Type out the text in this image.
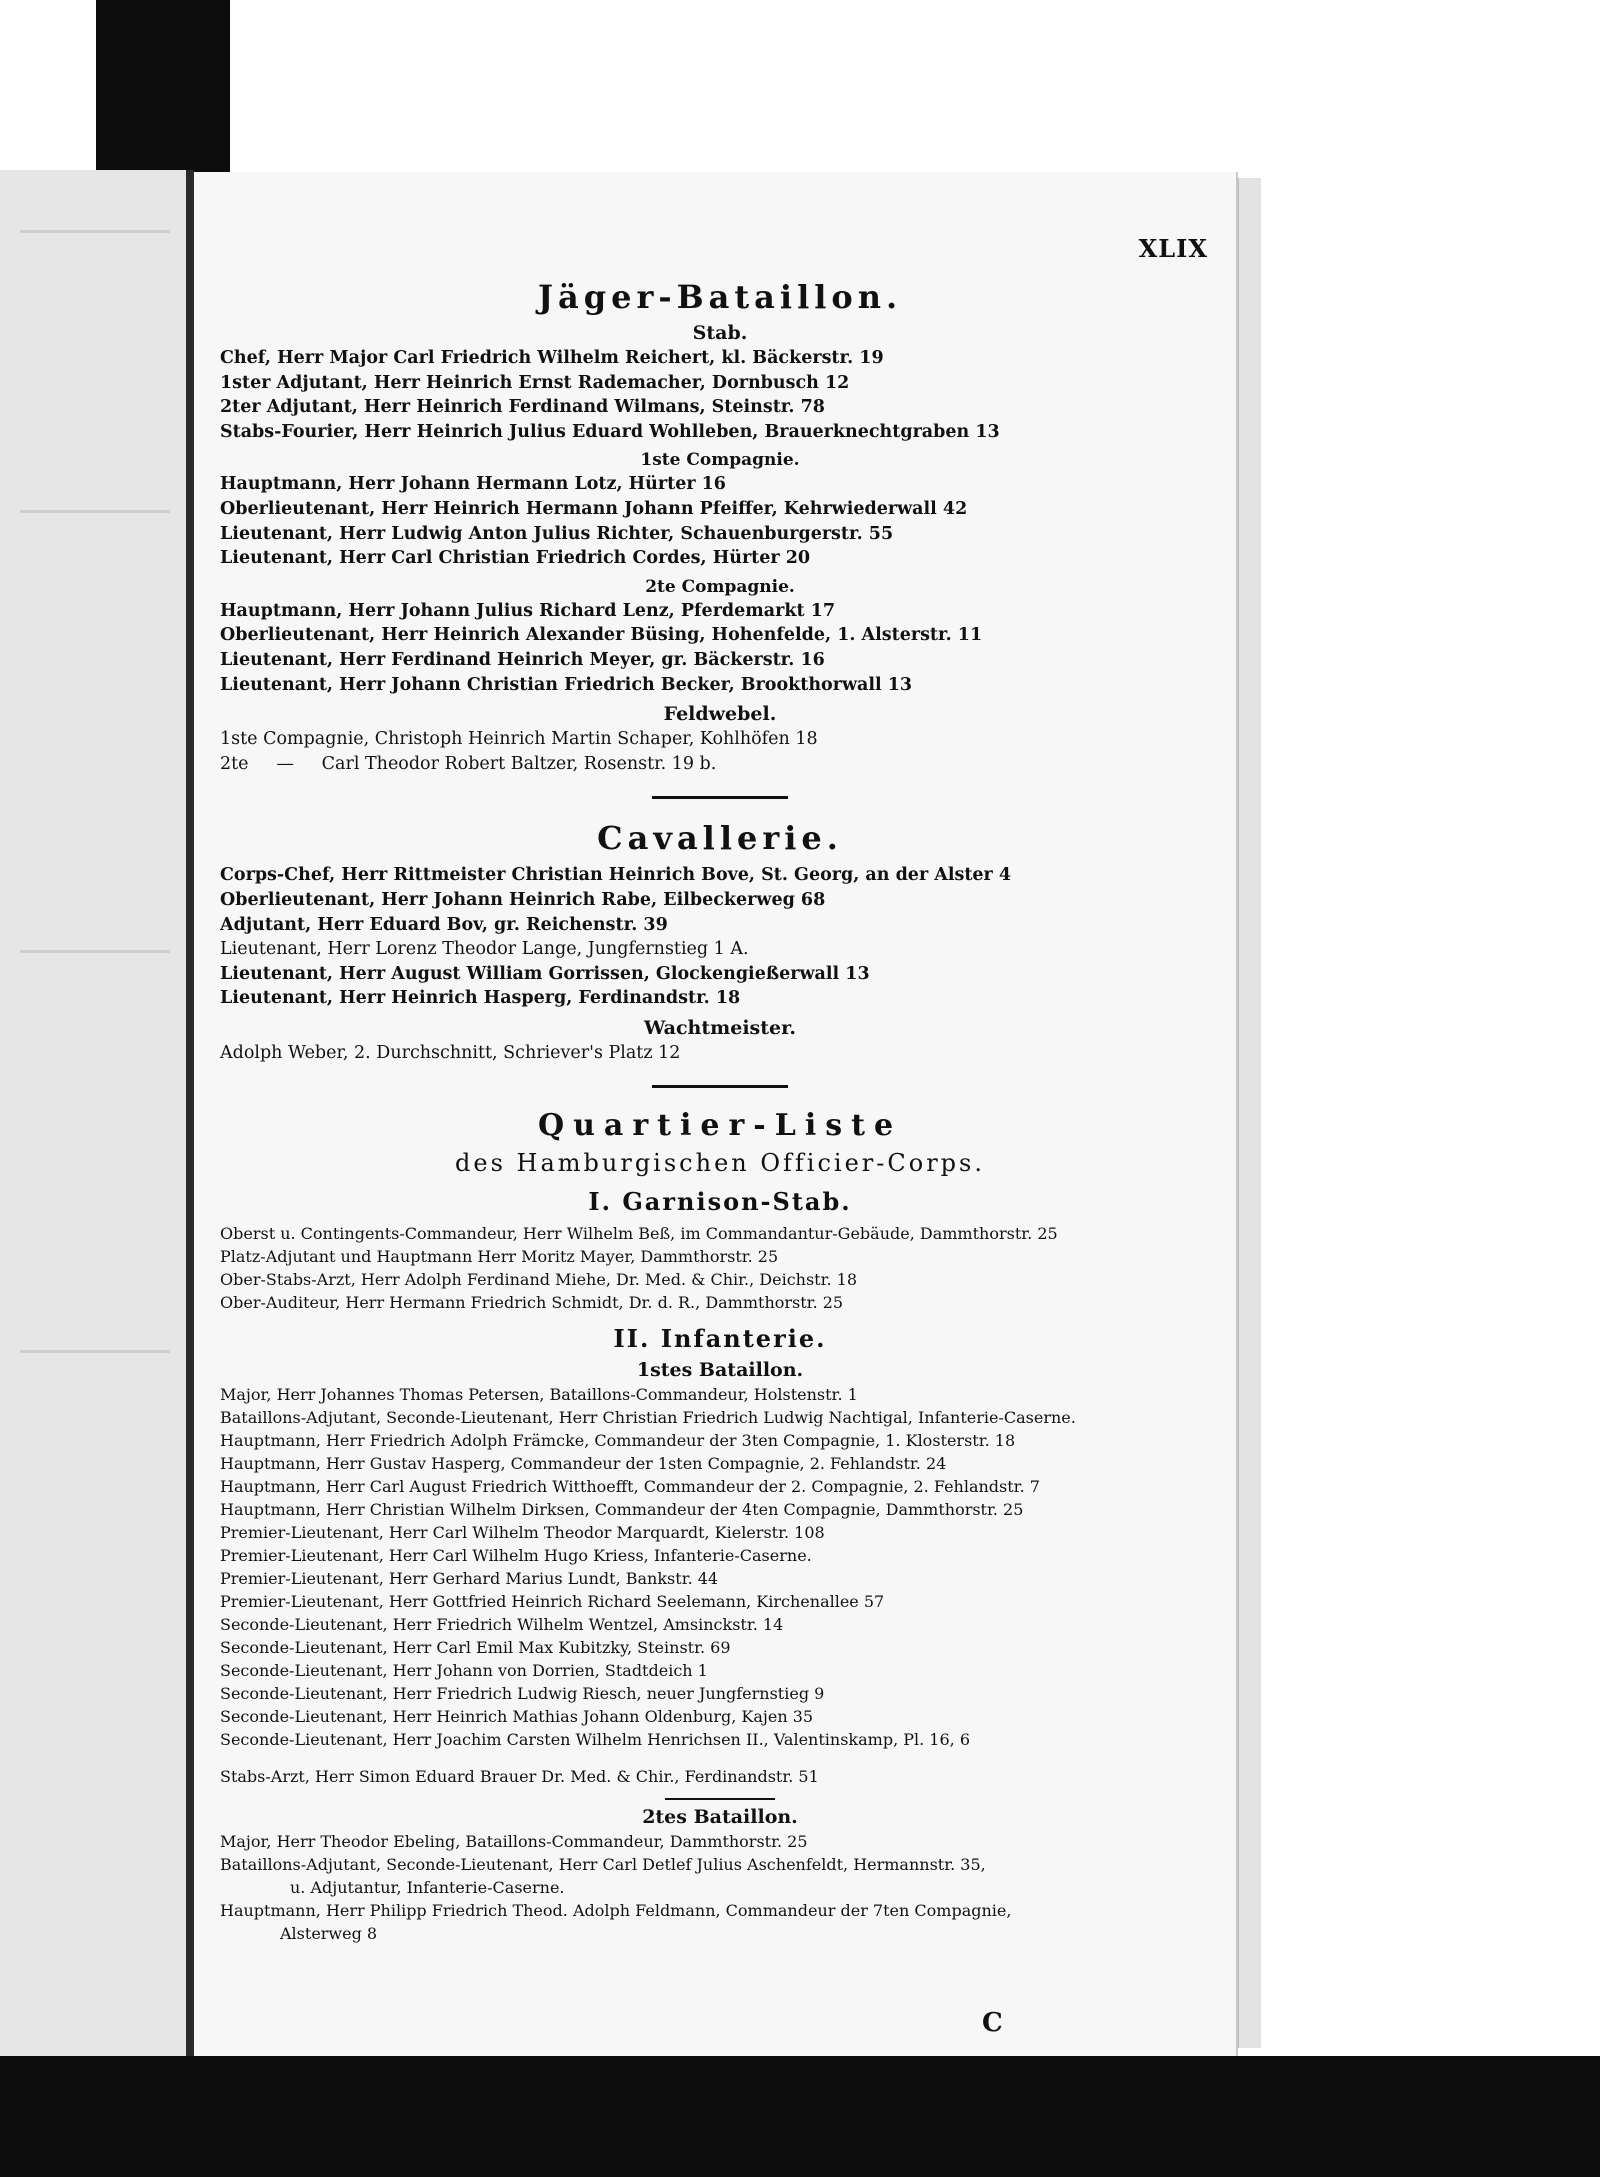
XLIX
Jäger-Bataillon.
Stab.
Chef, Herr Major Carl Friedrich Wilhelm Reichert, kl. Bäckerstr. 19
1ster Adjutant, Herr Heinrich Ernst Rademacher, Dornbusch 12
2ter Adjutant, Herr Heinrich Ferdinand Wilmans, Steinstr. 78
Stabs-Fourier, Herr Heinrich Julius Eduard Wohlleben, Brauerknechtgraben 13
1ste Compagnie.
Hauptmann, Herr Johann Hermann Lotz, Hürter 16
Oberlieutenant, Herr Heinrich Hermann Johann Pfeiffer, Kehrwiederwall 42
Lieutenant, Herr Ludwig Anton Julius Richter, Schauenburgerstr. 55
Lieutenant, Herr Carl Christian Friedrich Cordes, Hürter 20
2te Compagnie.
Hauptmann, Herr Johann Julius Richard Lenz, Pferdemarkt 17
Oberlieutenant, Herr Heinrich Alexander Büsing, Hohenfelde, 1. Alsterstr. 11
Lieutenant, Herr Ferdinand Heinrich Meyer, gr. Bäckerstr. 16
Lieutenant, Herr Johann Christian Friedrich Becker, Brookthorwall 13
Feldwebel.
1ste Compagnie, Christoph Heinrich Martin Schaper, Kohlhöfen 18
2te     —     Carl Theodor Robert Baltzer, Rosenstr. 19 b.
Cavallerie.
Corps-Chef, Herr Rittmeister Christian Heinrich Bove, St. Georg, an der Alster 4
Oberlieutenant, Herr Johann Heinrich Rabe, Eilbeckerweg 68
Adjutant, Herr Eduard Bov, gr. Reichenstr. 39
Lieutenant, Herr Lorenz Theodor Lange, Jungfernstieg 1 A.
Lieutenant, Herr August William Gorrissen, Glockengießerwall 13
Lieutenant, Herr Heinrich Hasperg, Ferdinandstr. 18
Wachtmeister.
Adolph Weber, 2. Durchschnitt, Schriever's Platz 12
Quartier-Liste
des Hamburgischen Officier-Corps.
I. Garnison-Stab.
Oberst u. Contingents-Commandeur, Herr Wilhelm Beß, im Commandantur-Gebäude, Dammthorstr. 25
Platz-Adjutant und Hauptmann Herr Moritz Mayer, Dammthorstr. 25
Ober-Stabs-Arzt, Herr Adolph Ferdinand Miehe, Dr. Med. & Chir., Deichstr. 18
Ober-Auditeur, Herr Hermann Friedrich Schmidt, Dr. d. R., Dammthorstr. 25
II. Infanterie.
1stes Bataillon.
Major, Herr Johannes Thomas Petersen, Bataillons-Commandeur, Holstenstr. 1
Bataillons-Adjutant, Seconde-Lieutenant, Herr Christian Friedrich Ludwig Nachtigal, Infanterie-Caserne.
Hauptmann, Herr Friedrich Adolph Främcke, Commandeur der 3ten Compagnie, 1. Klosterstr. 18
Hauptmann, Herr Gustav Hasperg, Commandeur der 1sten Compagnie, 2. Fehlandstr. 24
Hauptmann, Herr Carl August Friedrich Witthoefft, Commandeur der 2. Compagnie, 2. Fehlandstr. 7
Hauptmann, Herr Christian Wilhelm Dirksen, Commandeur der 4ten Compagnie, Dammthorstr. 25
Premier-Lieutenant, Herr Carl Wilhelm Theodor Marquardt, Kielerstr. 108
Premier-Lieutenant, Herr Carl Wilhelm Hugo Kriess, Infanterie-Caserne.
Premier-Lieutenant, Herr Gerhard Marius Lundt, Bankstr. 44
Premier-Lieutenant, Herr Gottfried Heinrich Richard Seelemann, Kirchenallee 57
Seconde-Lieutenant, Herr Friedrich Wilhelm Wentzel, Amsinckstr. 14
Seconde-Lieutenant, Herr Carl Emil Max Kubitzky, Steinstr. 69
Seconde-Lieutenant, Herr Johann von Dorrien, Stadtdeich 1
Seconde-Lieutenant, Herr Friedrich Ludwig Riesch, neuer Jungfernstieg 9
Seconde-Lieutenant, Herr Heinrich Mathias Johann Oldenburg, Kajen 35
Seconde-Lieutenant, Herr Joachim Carsten Wilhelm Henrichsen II., Valentinskamp, Pl. 16, 6
Stabs-Arzt, Herr Simon Eduard Brauer Dr. Med. & Chir., Ferdinandstr. 51
2tes Bataillon.
Major, Herr Theodor Ebeling, Bataillons-Commandeur, Dammthorstr. 25
Bataillons-Adjutant, Seconde-Lieutenant, Herr Carl Detlef Julius Aschenfeldt, Hermannstr. 35,
u. Adjutantur, Infanterie-Caserne.
Hauptmann, Herr Philipp Friedrich Theod. Adolph Feldmann, Commandeur der 7ten Compagnie,
Alsterweg 8
C
